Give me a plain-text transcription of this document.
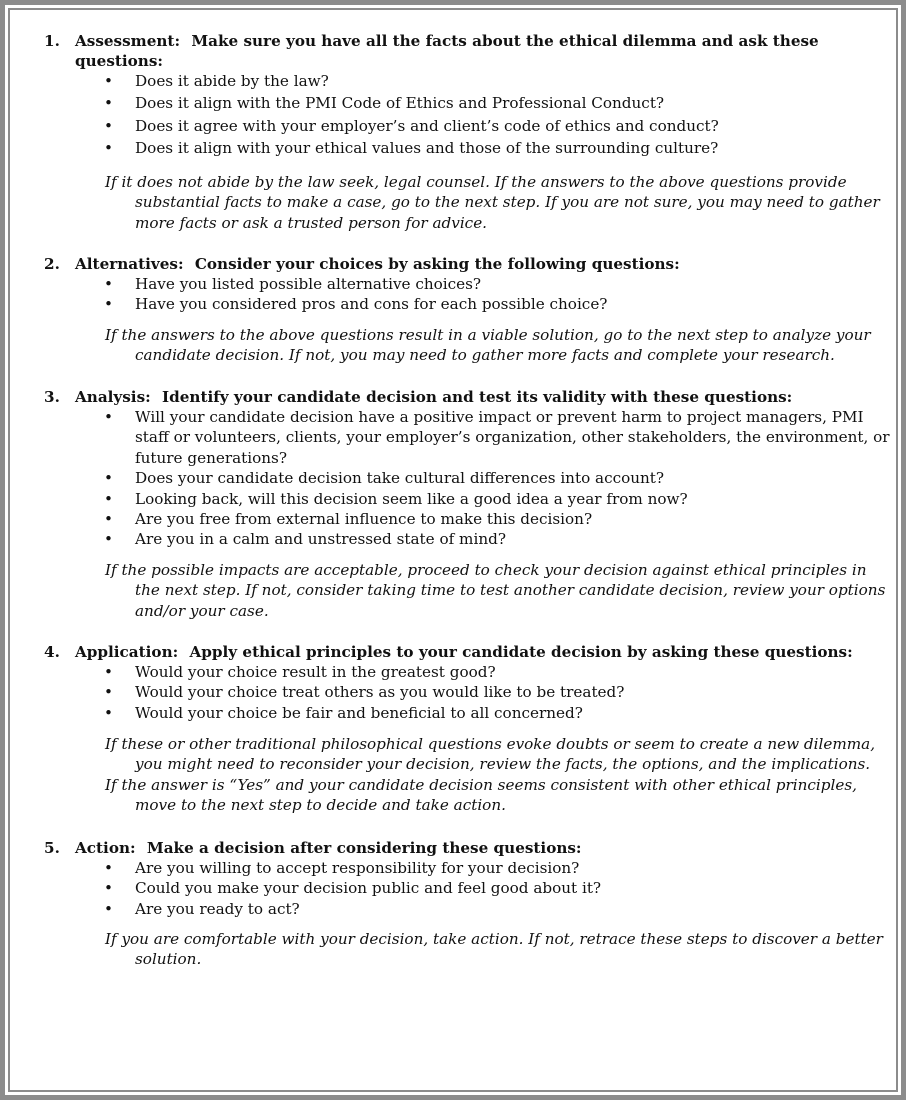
1. Assessment: Make sure you have all the facts about the ethical dilemma and ask these questions:
• Does it abide by the law?
• Does it align with the PMI Code of Ethics and Professional Conduct?
• Does it agree with your employer’s and client’s code of ethics and conduct?
• Does it align with your ethical values and those of the surrounding culture?
If it does not abide by the law seek, legal counsel. If the answers to the above questions provide substantial facts to make a case, go to the next step. If you are not sure, you may need to gather more facts or ask a trusted person for advice.
2. Alternatives: Consider your choices by asking the following questions:
• Have you listed possible alternative choices?
• Have you considered pros and cons for each possible choice?
If the answers to the above questions result in a viable solution, go to the next step to analyze your candidate decision. If not, you may need to gather more facts and complete your research.
3. Analysis: Identify your candidate decision and test its validity with these questions:
• Will your candidate decision have a positive impact or prevent harm to project managers, PMI staff or volunteers, clients, your employer’s organization, other stakeholders, the environment, or future generations?
• Does your candidate decision take cultural differences into account?
• Looking back, will this decision seem like a good idea a year from now?
• Are you free from external influence to make this decision?
• Are you in a calm and unstressed state of mind?
If the possible impacts are acceptable, proceed to check your decision against ethical principles in the next step. If not, consider taking time to test another candidate decision, review your options and/or your case.
4. Application: Apply ethical principles to your candidate decision by asking these questions:
• Would your choice result in the greatest good?
• Would your choice treat others as you would like to be treated?
• Would your choice be fair and beneficial to all concerned?
If these or other traditional philosophical questions evoke doubts or seem to create a new dilemma, you might need to reconsider your decision, review the facts, the options, and the implications.
If the answer is “Yes” and your candidate decision seems consistent with other ethical principles, move to the next step to decide and take action.
5. Action: Make a decision after considering these questions:
• Are you willing to accept responsibility for your decision?
• Could you make your decision public and feel good about it?
• Are you ready to act?
If you are comfortable with your decision, take action. If not, retrace these steps to discover a better solution.
